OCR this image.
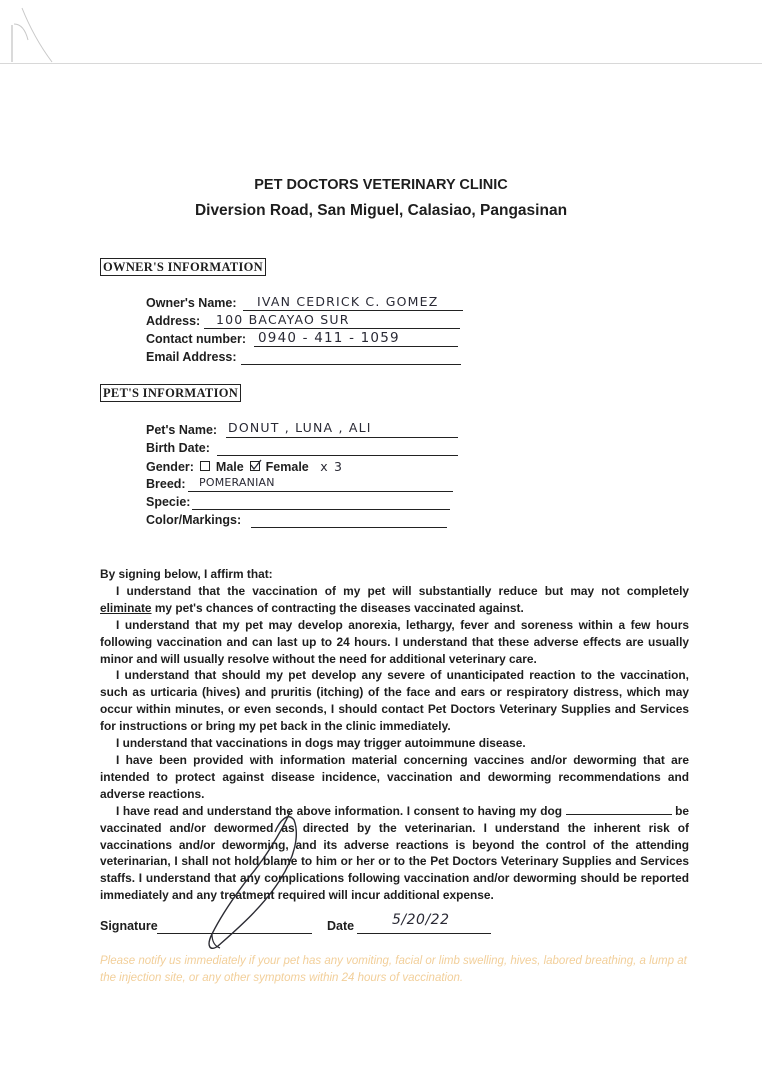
PET DOCTORS VETERINARY CLINIC
Diversion Road, San Miguel, Calasiao, Pangasinan
OWNER'S INFORMATION
Owner's Name: IVAN CEDRICK C. GOMEZ
Address: 100 BACAYAO SUR
Contact number: 0940 - 411 - 1059
Email Address:
PET'S INFORMATION
Pet's Name: DONUT , LUNA , ALI
Birth Date:
Gender: Male Female x 3
Breed: POMERANIAN
Specie:
Color/Markings:

By signing below, I affirm that:

I understand that the vaccination of my pet will substantially reduce but may not completely eliminate my pet's chances of contracting the diseases vaccinated against.

I understand that my pet may develop anorexia, lethargy, fever and soreness within a few hours following vaccination and can last up to 24 hours. I understand that these adverse effects are usually minor and will usually resolve without the need for additional veterinary care.

I understand that should my pet develop any severe of unanticipated reaction to the vaccination, such as urticaria (hives) and pruritis (itching) of the face and ears or respiratory distress, which may occur within minutes, or even seconds, I should contact Pet Doctors Veterinary Supplies and Services for instructions or bring my pet back in the clinic immediately.

I understand that vaccinations in dogs may trigger autoimmune disease.

I have been provided with information material concerning vaccines and/or deworming that are intended to protect against disease incidence, vaccination and deworming recommendations and adverse reactions.

I have read and understand the above information. I consent to having my dog	be vaccinated and/or dewormed as directed by the veterinarian. I understand the inherent risk of vaccinations and/or deworming, and its adverse reactions is beyond the control of the attending veterinarian, I shall not hold blame to him or her or to the Pet Doctors Veterinary Supplies and Services staffs. I understand that any complications following vaccination and/or deworming should be reported immediately and any treatment required will incur additional expense.

Signature	Date	5/20/22
Please notify us immediately if your pet has any vomiting, facial or limb swelling, hives, labored breathing, a lump at the injection site, or any other symptoms within 24 hours of vaccination.
